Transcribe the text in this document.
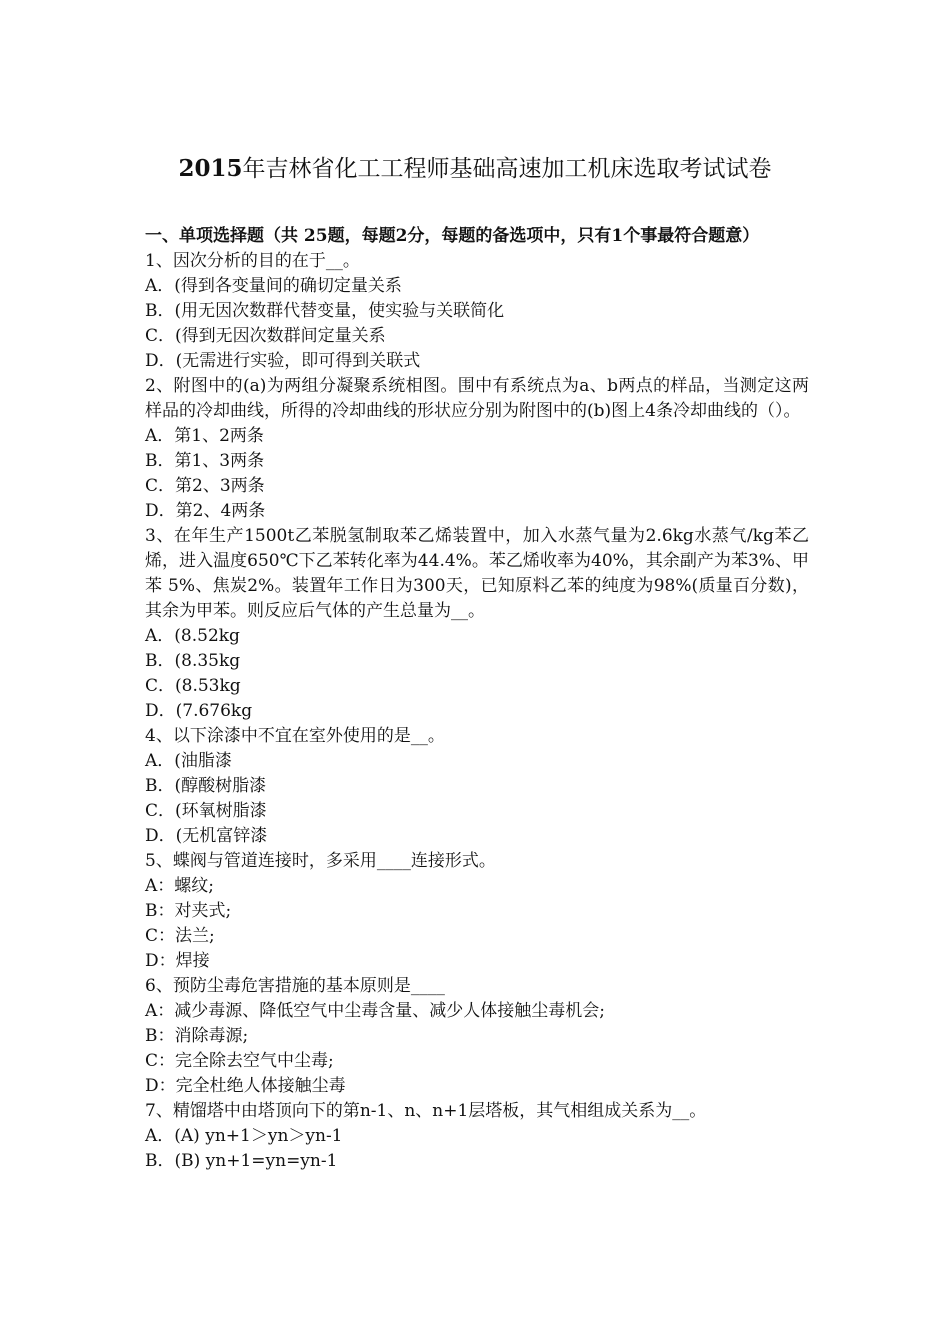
2015年吉林省化工工程师基础高速加工机床选取考试试卷

一、单项选择题（共 25题，每题2分，每题的备选项中，只有1个事最符合题意）

1、因次分析的目的在于__。

A．(得到各变量间的确切定量关系

B．(用无因次数群代替变量，使实验与关联简化

C．(得到无因次数群间定量关系

D．(无需进行实验，即可得到关联式

2、附图中的(a)为两组分凝聚系统相图。围中有系统点为a、b两点的样品，当测定这两样品的冷却曲线，所得的冷却曲线的形状应分别为附图中的(b)图上4条冷却曲线的（）。

A．第1、2两条

B．第1、3两条

C．第2、3两条

D．第2、4两条

3、在年生产1500t乙苯脱氢制取苯乙烯装置中，加入水蒸气量为2.6kg水蒸气/kg苯乙烯，进入温度650℃下乙苯转化率为44.4%。苯乙烯收率为40%，其余副产为苯3%、甲苯 5%、焦炭2%。装置年工作日为300天，已知原料乙苯的纯度为98%(质量百分数)，其余为甲苯。则反应后气体的产生总量为__。

A．(8.52kg

B．(8.35kg

C．(8.53kg

D．(7.676kg

4、以下涂漆中不宜在室外使用的是__。

A．(油脂漆

B．(醇酸树脂漆

C．(环氧树脂漆

D．(无机富锌漆

5、蝶阀与管道连接时，多采用____连接形式。

A：螺纹;

B：对夹式;

C：法兰;

D：焊接

6、预防尘毒危害措施的基本原则是____

A：减少毒源、降低空气中尘毒含量、减少人体接触尘毒机会;

B：消除毒源;

C：完全除去空气中尘毒;

D：完全杜绝人体接触尘毒

7、精馏塔中由塔顶向下的第n-1、n、n+1层塔板，其气相组成关系为__。

A．(A) yn+1＞yn＞yn-1

B．(B) yn+1=yn=yn-1
